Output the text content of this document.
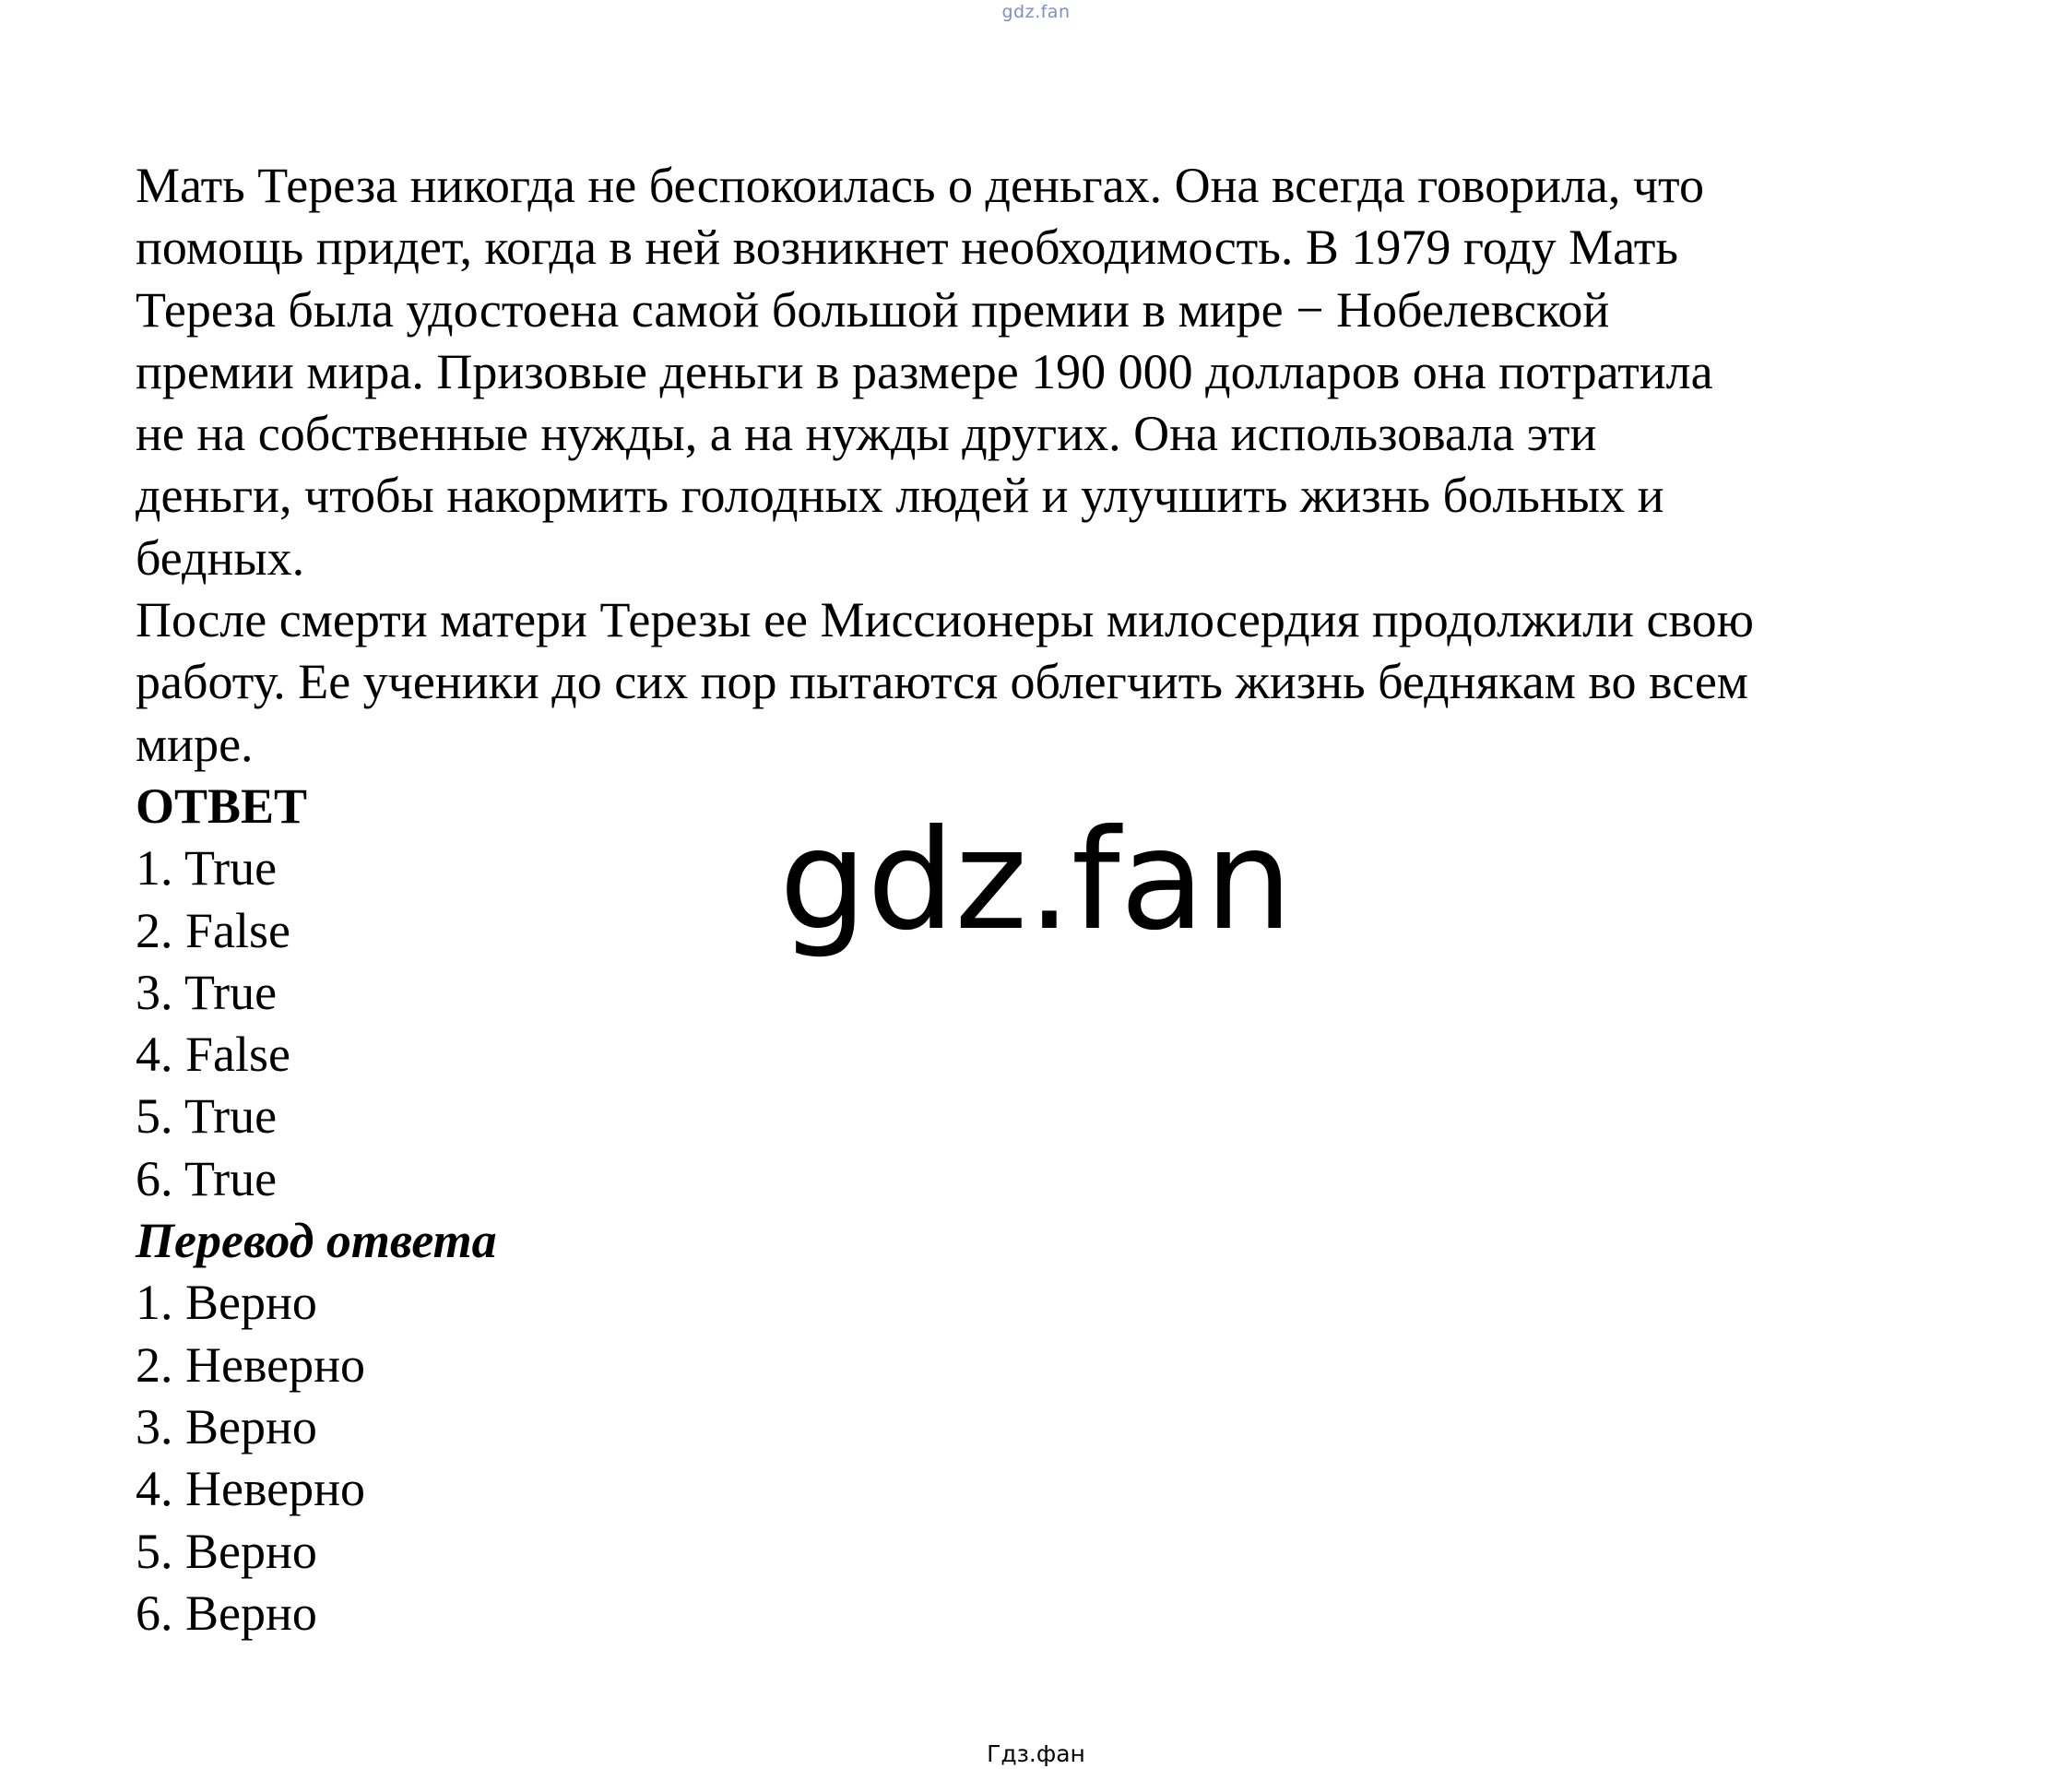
gdz.fan
Мать Тереза никогда не беспокоилась о деньгах. Она всегда говорила, что
помощь придет, когда в ней возникнет необходимость. В 1979 году Мать
Тереза была удостоена самой большой премии в мире − Нобелевской
премии мира. Призовые деньги в размере 190 000 долларов она потратила
не на собственные нужды, а на нужды других. Она использовала эти
деньги, чтобы накормить голодных людей и улучшить жизнь больных и
бедных.
После смерти матери Терезы ее Миссионеры милосердия продолжили свою
работу. Ее ученики до сих пор пытаются облегчить жизнь беднякам во всем
мире.
ОТВЕТ
1. True
2. False
3. True
4. False
5. True
6. True
Перевод ответа
1. Верно
2. Неверно
3. Верно
4. Неверно
5. Верно
6. Верно
gdz.fan
Гдз.фан
